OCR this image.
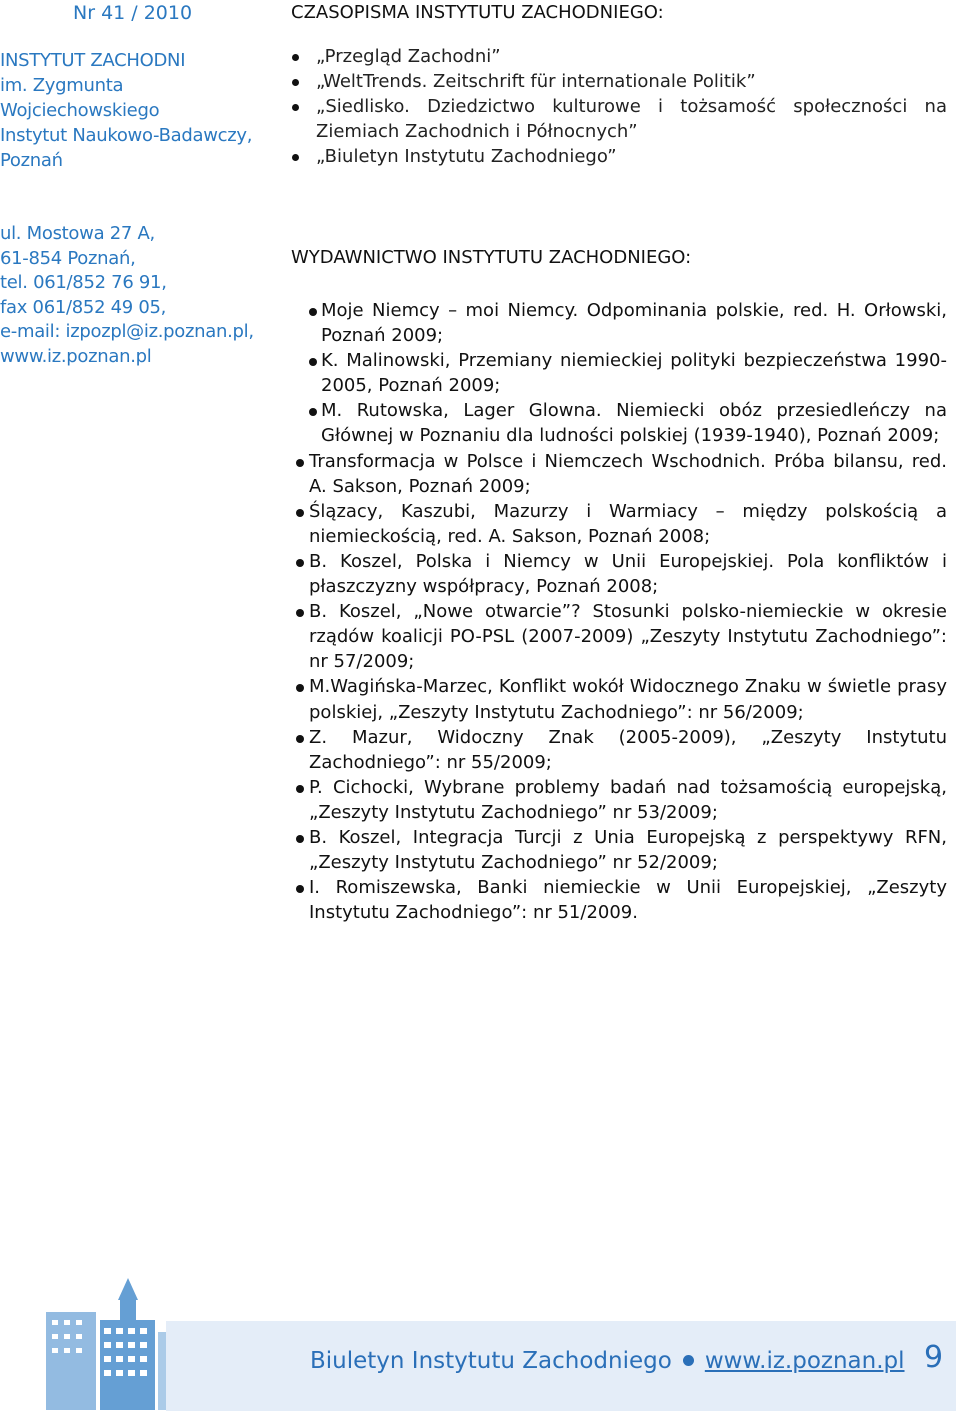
Nr 41 / 2010
INSTYTUT ZACHODNI
im. Zygmunta
Wojciechowskiego
Instytut Naukowo-Badawczy,
Poznań
ul. Mostowa 27 A,
61-854 Poznań,
tel. 061/852 76 91,
fax 061/852 49 05,
e-mail: izpozpl@iz.poznan.pl,
www.iz.poznan.pl
CZASOPISMA INSTYTUTU ZACHODNIEGO:
„Przegląd Zachodni”
„WeltTrends. Zeitschrift für internationale Politik”
„Siedlisko. Dziedzictwo kulturowe i tożsamość społeczności na Ziemiach Zachodnich i Północnych”
„Biuletyn Instytutu Zachodniego”
WYDAWNICTWO INSTYTUTU ZACHODNIEGO:
Moje Niemcy – moi Niemcy. Odpominania polskie, red. H. Orłowski, Poznań 2009;
K. Malinowski, Przemiany niemieckiej polityki bezpieczeństwa 1990-2005, Poznań 2009;
M. Rutowska, Lager Glowna. Niemiecki obóz przesiedleńczy na Głównej w Poznaniu dla ludności polskiej (1939-1940), Poznań 2009;
Transformacja w Polsce i Niemczech Wschodnich. Próba bilansu, red. A. Sakson, Poznań 2009;
Ślązacy, Kaszubi, Mazurzy i Warmiacy – między polskością a niemieckością, red. A. Sakson, Poznań 2008;
B. Koszel, Polska i Niemcy w Unii Europejskiej. Pola konfliktów i płaszczyzny współpracy, Poznań 2008;
B. Koszel, „Nowe otwarcie”? Stosunki polsko-niemieckie w okresie rządów koalicji PO-PSL (2007-2009) „Zeszyty Instytutu Zachodniego”: nr 57/2009;
M.Wagińska-Marzec, Konflikt wokół Widocznego Znaku w świetle prasy polskiej, „Zeszyty Instytutu Zachodniego”: nr 56/2009;
Z. Mazur, Widoczny Znak (2005-2009), „Zeszyty Instytutu Zachodniego”: nr 55/2009;
P. Cichocki, Wybrane problemy badań nad tożsamością europejską, „Zeszyty Instytutu Zachodniego” nr 53/2009;
B. Koszel, Integracja Turcji z Unia Europejską z perspektywy RFN, „Zeszyty Instytutu Zachodniego” nr 52/2009;
I. Romiszewska, Banki niemieckie w Unii Europejskiej, „Zeszyty Instytutu Zachodniego”: nr 51/2009.
Biuletyn Instytutu Zachodniego www.iz.poznan.pl 9
